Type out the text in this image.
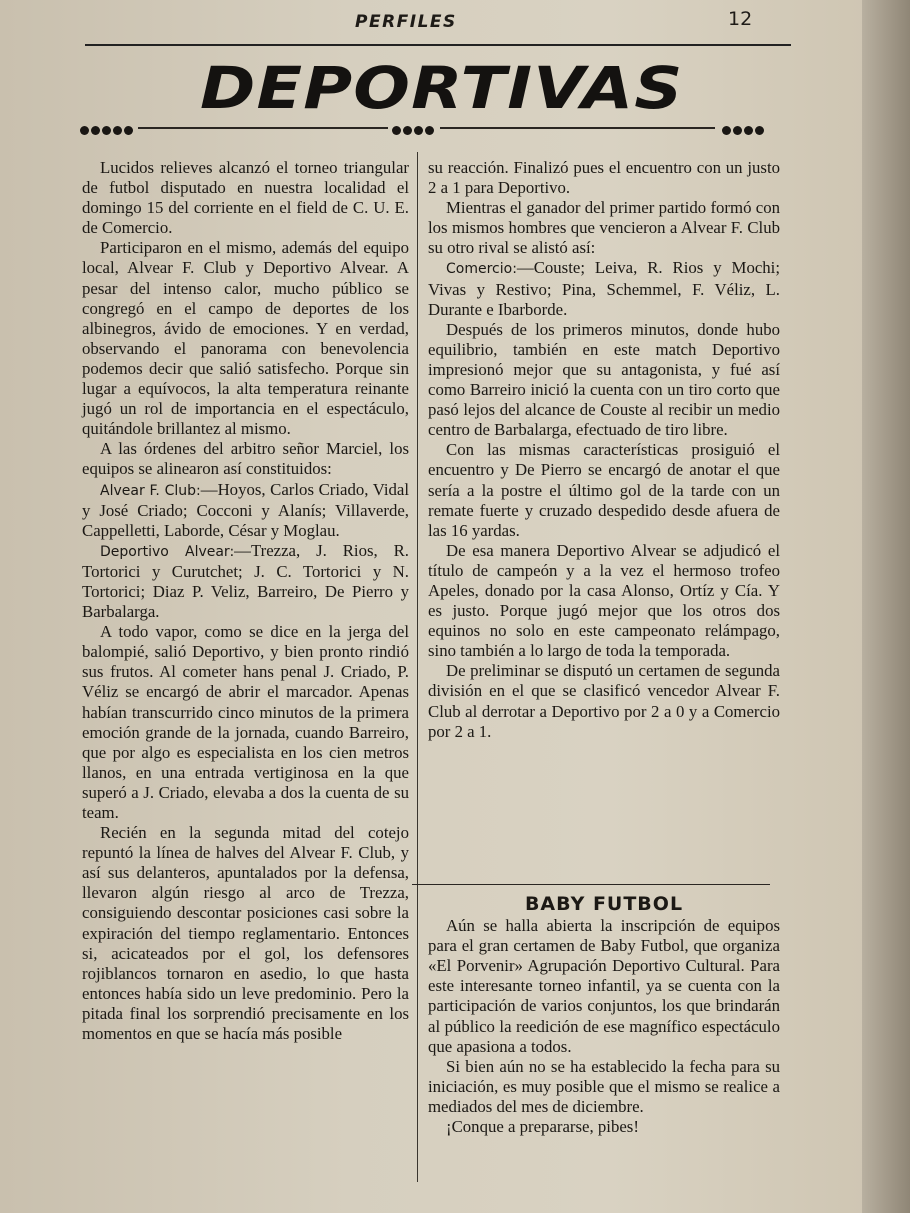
PERFILES	12
DEPORTIVAS

Lucidos relieves alcanzó el torneo triangular de futbol disputado en nuestra localidad el domingo 15 del corriente en el field de C. U. E. de Comercio.

Participaron en el mismo, además del equipo local, Alvear F. Club y Deportivo Alvear. A pesar del intenso calor, mucho público se congregó en el campo de deportes de los albinegros, ávido de emociones. Y en verdad, observando el panorama con benevolencia podemos decir que salió satisfecho. Porque sin lugar a equívocos, la alta temperatura reinante jugó un rol de importancia en el espectáculo, quitándole brillantez al mismo.

A las órdenes del arbitro señor Marciel, los equipos se alinearon así constituidos:

Alvear F. Club:—Hoyos, Carlos Criado, Vidal y José Criado; Cocconi y Alanís; Villaverde, Cappelletti, Laborde, César y Moglau.

Deportivo Alvear:—Trezza, J. Rios, R. Tortorici y Curutchet; J. C. Tortorici y N. Tortorici; Diaz P. Veliz, Barreiro, De Pierro y Barbalarga.

A todo vapor, como se dice en la jerga del balompié, salió Deportivo, y bien pronto rindió sus frutos. Al cometer hans penal J. Criado, P. Véliz se encargó de abrir el marcador. Apenas habían transcurrido cinco minutos de la primera emoción grande de la jornada, cuando Barreiro, que por algo es especialista en los cien metros llanos, en una entrada vertiginosa en la que superó a J. Criado, elevaba a dos la cuenta de su team.

Recién en la segunda mitad del cotejo repuntó la línea de halves del Alvear F. Club, y así sus delanteros, apuntalados por la defensa, llevaron algún riesgo al arco de Trezza, consiguiendo descontar posiciones casi sobre la expiración del tiempo reglamentario. Entonces si, acicateados por el gol, los defensores rojiblancos tornaron en asedio, lo que hasta entonces había sido un leve predominio. Pero la pitada final los sorprendió precisamente en los momentos en que se hacía más posible

su reacción. Finalizó pues el encuentro con un justo 2 a 1 para Deportivo.

Mientras el ganador del primer partido formó con los mismos hombres que vencieron a Alvear F. Club su otro rival se alistó así:

Comercio:—Couste; Leiva, R. Rios y Mochi; Vivas y Restivo; Pina, Schemmel, F. Véliz, L. Durante e Ibarborde.

Después de los primeros minutos, donde hubo equilibrio, también en este match Deportivo impresionó mejor que su antagonista, y fué así como Barreiro inició la cuenta con un tiro corto que pasó lejos del alcance de Couste al recibir un medio centro de Barbalarga, efectuado de tiro libre.

Con las mismas características prosiguió el encuentro y De Pierro se encargó de anotar el que sería a la postre el último gol de la tarde con un remate fuerte y cruzado despedido desde afuera de las 16 yardas.

De esa manera Deportivo Alvear se adjudicó el título de campeón y a la vez el hermoso trofeo Apeles, donado por la casa Alonso, Ortíz y Cía. Y es justo. Porque jugó mejor que los otros dos equinos no solo en este campeonato relámpago, sino también a lo largo de toda la temporada.

De preliminar se disputó un certamen de segunda división en el que se clasificó vencedor Alvear F. Club al derrotar a Deportivo por 2 a 0 y a Comercio por 2 a 1.

BABY FUTBOL

Aún se halla abierta la inscripción de equipos para el gran certamen de Baby Futbol, que organiza «El Porvenir» Agrupación Deportivo Cultural. Para este interesante torneo infantil, ya se cuenta con la participación de varios conjuntos, los que brindarán al público la reedición de ese magnífico espectáculo que apasiona a todos.

Si bien aún no se ha establecido la fecha para su iniciación, es muy posible que el mismo se realice a mediados del mes de diciembre.

¡Conque a prepararse, pibes!
